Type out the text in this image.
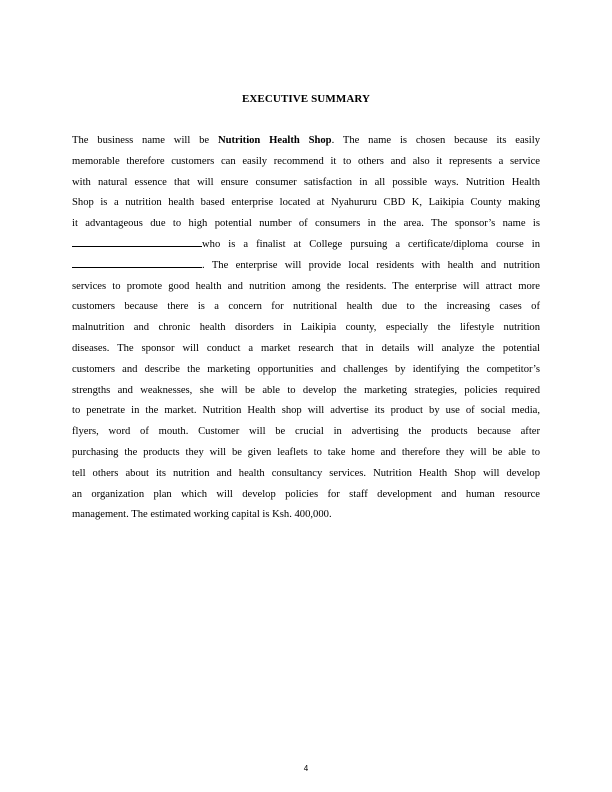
EXECUTIVE SUMMARY
The business name will be Nutrition Health Shop. The name is chosen because its easily
memorable therefore customers can easily recommend it to others and also it represents a service
with natural essence that will ensure consumer satisfaction in all possible ways. Nutrition Health
Shop is a nutrition health based enterprise located at Nyahururu CBD K, Laikipia County making
it advantageous due to high potential number of consumers in the area. The sponsor’s name is
who is a finalist at College pursuing a certificate/diploma course in
. The enterprise will provide local residents with health and nutrition
services to promote good health and nutrition among the residents. The enterprise will attract more
customers because there is a concern for nutritional health due to the increasing cases of
malnutrition and chronic health disorders in Laikipia county, especially the lifestyle nutrition
diseases. The sponsor will conduct a market research that in details will analyze the potential
customers and describe the marketing opportunities and challenges by identifying the competitor’s
strengths and weaknesses, she will be able to develop the marketing strategies, policies required
to penetrate in the market. Nutrition Health shop will advertise its product by use of social media,
flyers, word of mouth. Customer will be crucial in advertising the products because after
purchasing the products they will be given leaflets to take home and therefore they will be able to
tell others about its nutrition and health consultancy services. Nutrition Health Shop will develop
an organization plan which will develop policies for staff development and human resource
management. The estimated working capital is Ksh. 400,000.
4
